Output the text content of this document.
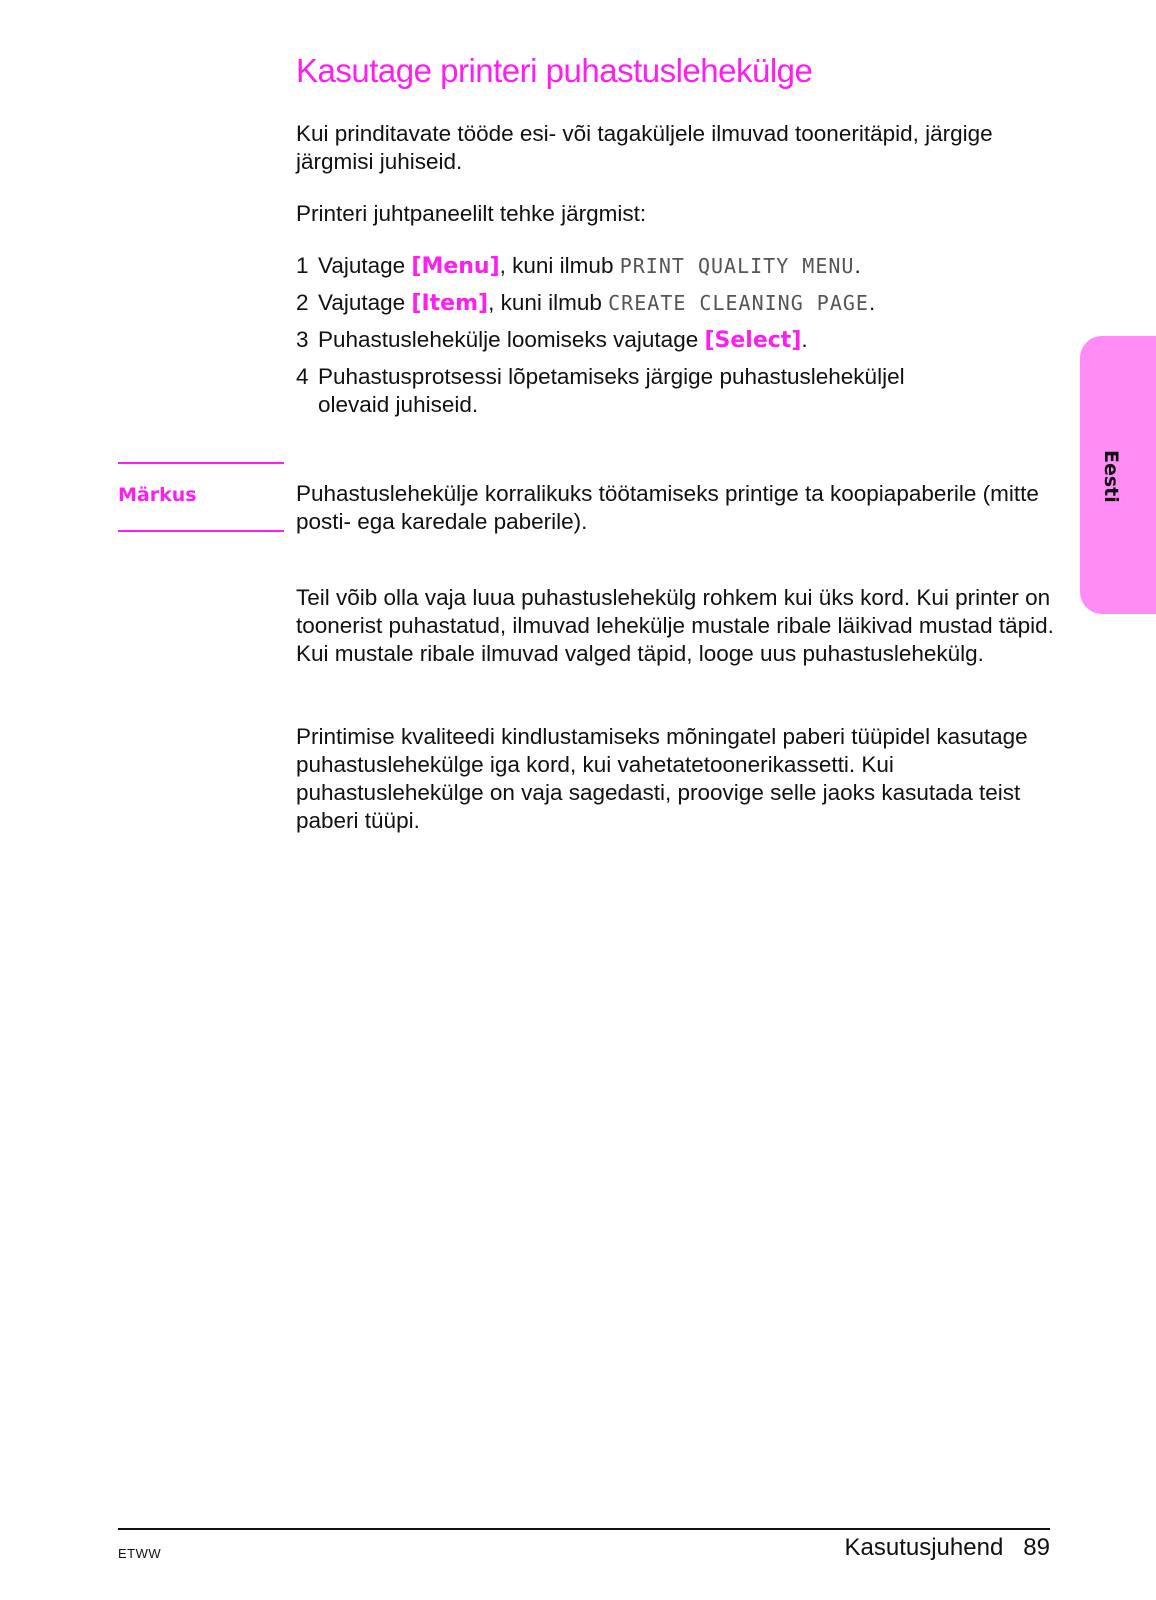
Kasutage printeri puhastuslehekülge

Kui prinditavate tööde esi- või tagaküljele ilmuvad tooneritäpid, järgige järgmisi juhiseid.

Printeri juhtpaneelilt tehke järgmist:

1 Vajutage [Menu], kuni ilmub PRINT QUALITY MENU.
2 Vajutage [Item], kuni ilmub CREATE CLEANING PAGE.
3 Puhastuslehekülje loomiseks vajutage [Select].
4 Puhastusprotsessi lõpetamiseks järgige puhastusleheküljel
olevaid juhiseid.
Märkus	Puhastuslehekülje korralikuks töötamiseks printige ta koopiapaberile (mitte posti- ega karedale paberile).

Teil võib olla vaja luua puhastuslehekülg rohkem kui üks kord. Kui printer on toonerist puhastatud, ilmuvad lehekülje mustale ribale läikivad mustad täpid. Kui mustale ribale ilmuvad valged täpid, looge uus puhastuslehekülg.

Printimise kvaliteedi kindlustamiseks mõningatel paberi tüüpidel kasutage puhastuslehekülge iga kord, kui vahetatetoonerikassetti. Kui puhastuslehekülge on vaja sagedasti, proovige selle jaoks kasutada teist paberi tüüpi.

Eesti
ETWW	Kasutusjuhend 89
